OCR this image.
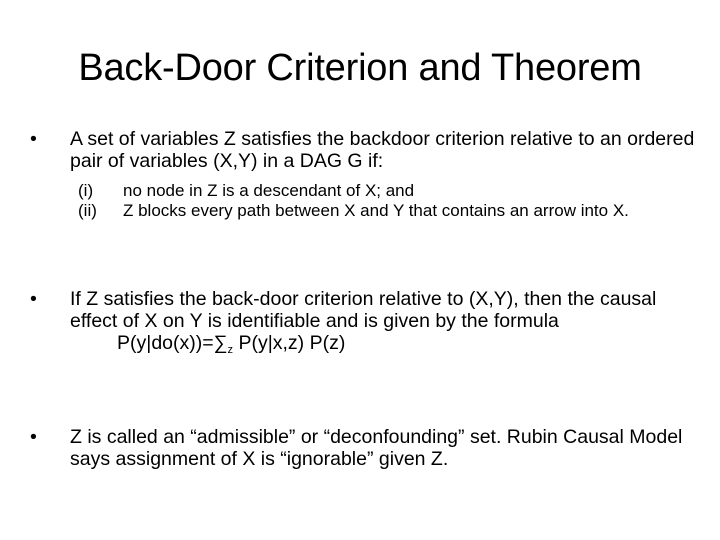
Back-Door Criterion and Theorem
•	A set of variables Z satisfies the backdoor criterion relative to an ordered pair of variables (X,Y) in a DAG G if:
(i) no node in Z is a descendant of X; and
(ii) Z blocks every path between X and Y that contains an arrow into X.
•	If Z satisfies the back-door criterion relative to (X,Y), then the causal effect of X on Y is identifiable and is given by the formula
$P(y|do(x))=\sum_z$ P(y|x,z) P(z)
•	Z is called an “admissible” or “deconfounding” set. Rubin Causal Model says assignment of X is “ignorable” given Z.
